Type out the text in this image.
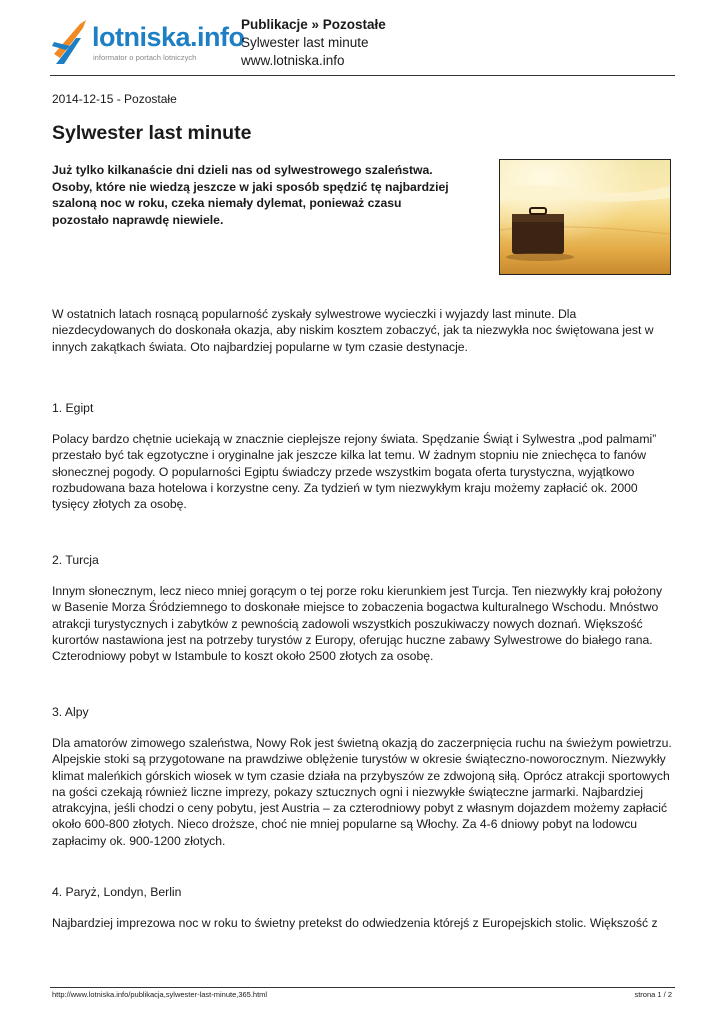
lotniska.info
informator o portach lotniczych
Publikacje » Pozostałe
Sylwester last minute
www.lotniska.info
2014-12-15 - Pozostałe
Sylwester last minute
Już tylko kilkanaście dni dzieli nas od sylwestrowego szaleństwa. Osoby, które nie wiedzą jeszcze w jaki sposób spędzić tę najbardziej szaloną noc w roku, czeka niemały dylemat, ponieważ czasu pozostało naprawdę niewiele.

W ostatnich latach rosnącą popularność zyskały sylwestrowe wycieczki i wyjazdy last minute. Dla niezdecydowanych do doskonała okazja, aby niskim kosztem zobaczyć, jak ta niezwykła noc świętowana jest w innych zakątkach świata. Oto najbardziej popularne w tym czasie destynacje.

1. Egipt

Polacy bardzo chętnie uciekają w znacznie cieplejsze rejony świata. Spędzanie Świąt i Sylwestra „pod palmami” przestało być tak egzotyczne i oryginalne jak jeszcze kilka lat temu. W żadnym stopniu nie zniechęca to fanów słonecznej pogody. O popularności Egiptu świadczy przede wszystkim bogata oferta turystyczna, wyjątkowo rozbudowana baza hotelowa i korzystne ceny. Za tydzień w tym niezwykłym kraju możemy zapłacić ok. 2000 tysięcy złotych za osobę.

2. Turcja

Innym słonecznym, lecz nieco mniej gorącym o tej porze roku kierunkiem jest Turcja. Ten niezwykły kraj położony w Basenie Morza Śródziemnego to doskonałe miejsce to zobaczenia bogactwa kulturalnego Wschodu. Mnóstwo atrakcji turystycznych i zabytków z pewnością zadowoli wszystkich poszukiwaczy nowych doznań. Większość kurortów nastawiona jest na potrzeby turystów z Europy, oferując huczne zabawy Sylwestrowe do białego rana. Czterodniowy pobyt w Istambule to koszt około 2500 złotych za osobę.

3. Alpy

Dla amatorów zimowego szaleństwa, Nowy Rok jest świetną okazją do zaczerpnięcia ruchu na świeżym powietrzu. Alpejskie stoki są przygotowane na prawdziwe oblężenie turystów w okresie świąteczno-noworocznym. Niezwykły klimat maleńkich górskich wiosek w tym czasie działa na przybyszów ze zdwojoną siłą. Oprócz atrakcji sportowych na gości czekają również liczne imprezy, pokazy sztucznych ogni i niezwykłe świąteczne jarmarki. Najbardziej atrakcyjna, jeśli chodzi o ceny pobytu, jest Austria – za czterodniowy pobyt z własnym dojazdem możemy zapłacić około 600-800 złotych. Nieco droższe, choć nie mniej popularne są Włochy. Za 4-6 dniowy pobyt na lodowcu zapłacimy ok. 900-1200 złotych.

4. Paryż, Londyn, Berlin

Najbardziej imprezowa noc w roku to świetny pretekst do odwiedzenia którejś z Europejskich stolic. Większość z

http://www.lotniska.info/publikacja,sylwester-last-minute,365.html	strona 1 / 2
